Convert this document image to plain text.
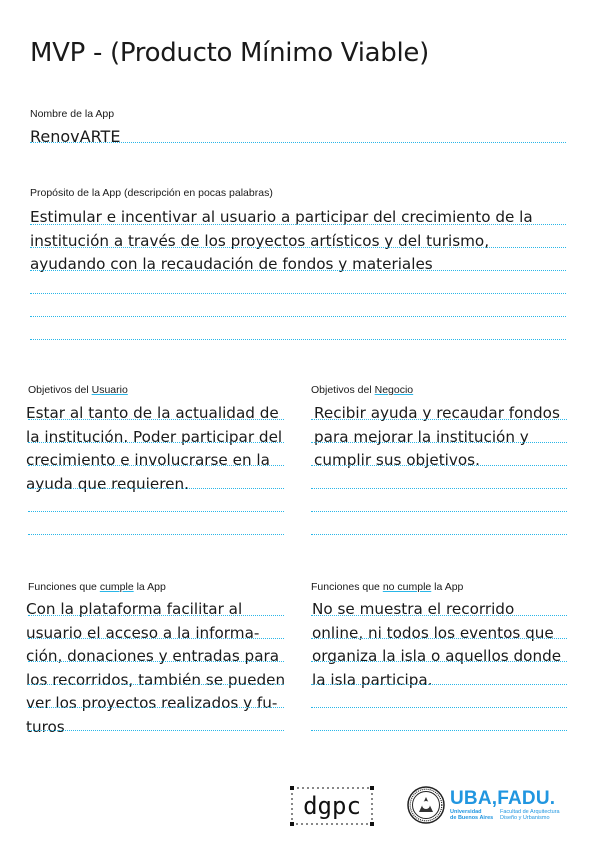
MVP - (Producto Mínimo Viable)
Nombre de la App
RenovARTE
Propósito de la App (descripción en pocas palabras)
Estimular e incentivar al usuario a participar del crecimiento de la
institución a través de los proyectos artísticos y del turismo,
ayudando con la recaudación de fondos y materiales
Objetivos del Usuario
Estar al tanto de la actualidad de
la institución. Poder participar del
crecimiento e involucrarse en la
ayuda que requieren.
Objetivos del Negocio
Recibir ayuda y recaudar fondos
para mejorar la institución y
cumplir sus objetivos.
Funciones que cumple la App
Con la plataforma facilitar al
usuario el acceso a la informa-
ción, donaciones y entradas para
los recorridos, también se pueden
ver los proyectos realizados y fu-
turos
Funciones que no cumple la App
No se muestra el recorrido
online, ni todos los eventos que
organiza la isla o aquellos donde
la isla participa.
dgpc	UBA,FADU.
Universidad
de Buenos Aires
Facultad de Arquitectura
Diseño y Urbanismo
